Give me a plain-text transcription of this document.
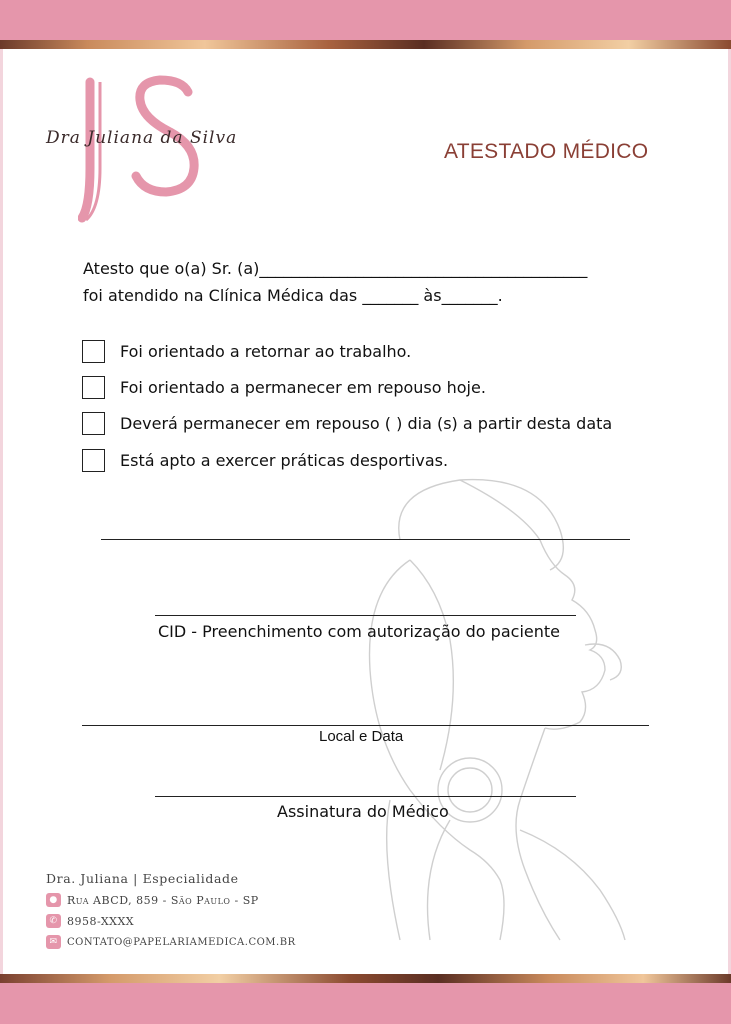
Dra Juliana da Silva
ATESTADO MÉDICO
Atesto que o(a) Sr. (a)_________________________________________
foi atendido na Clínica Médica das _______ às_______.
Foi orientado a retornar ao trabalho.
Foi orientado a permanecer em repouso hoje.
Deverá permanecer em repouso ( ) dia (s) a partir desta data
Está apto a exercer práticas desportivas.
CID - Preenchimento com autorização do paciente
Local e Data
Assinatura do Médico
Dra. Juliana | Especialidade
● Rua ABCD, 859 - São Paulo - SP
✆ 8958-XXXX
✉ CONTATO@PAPELARIAMEDICA.COM.BR
